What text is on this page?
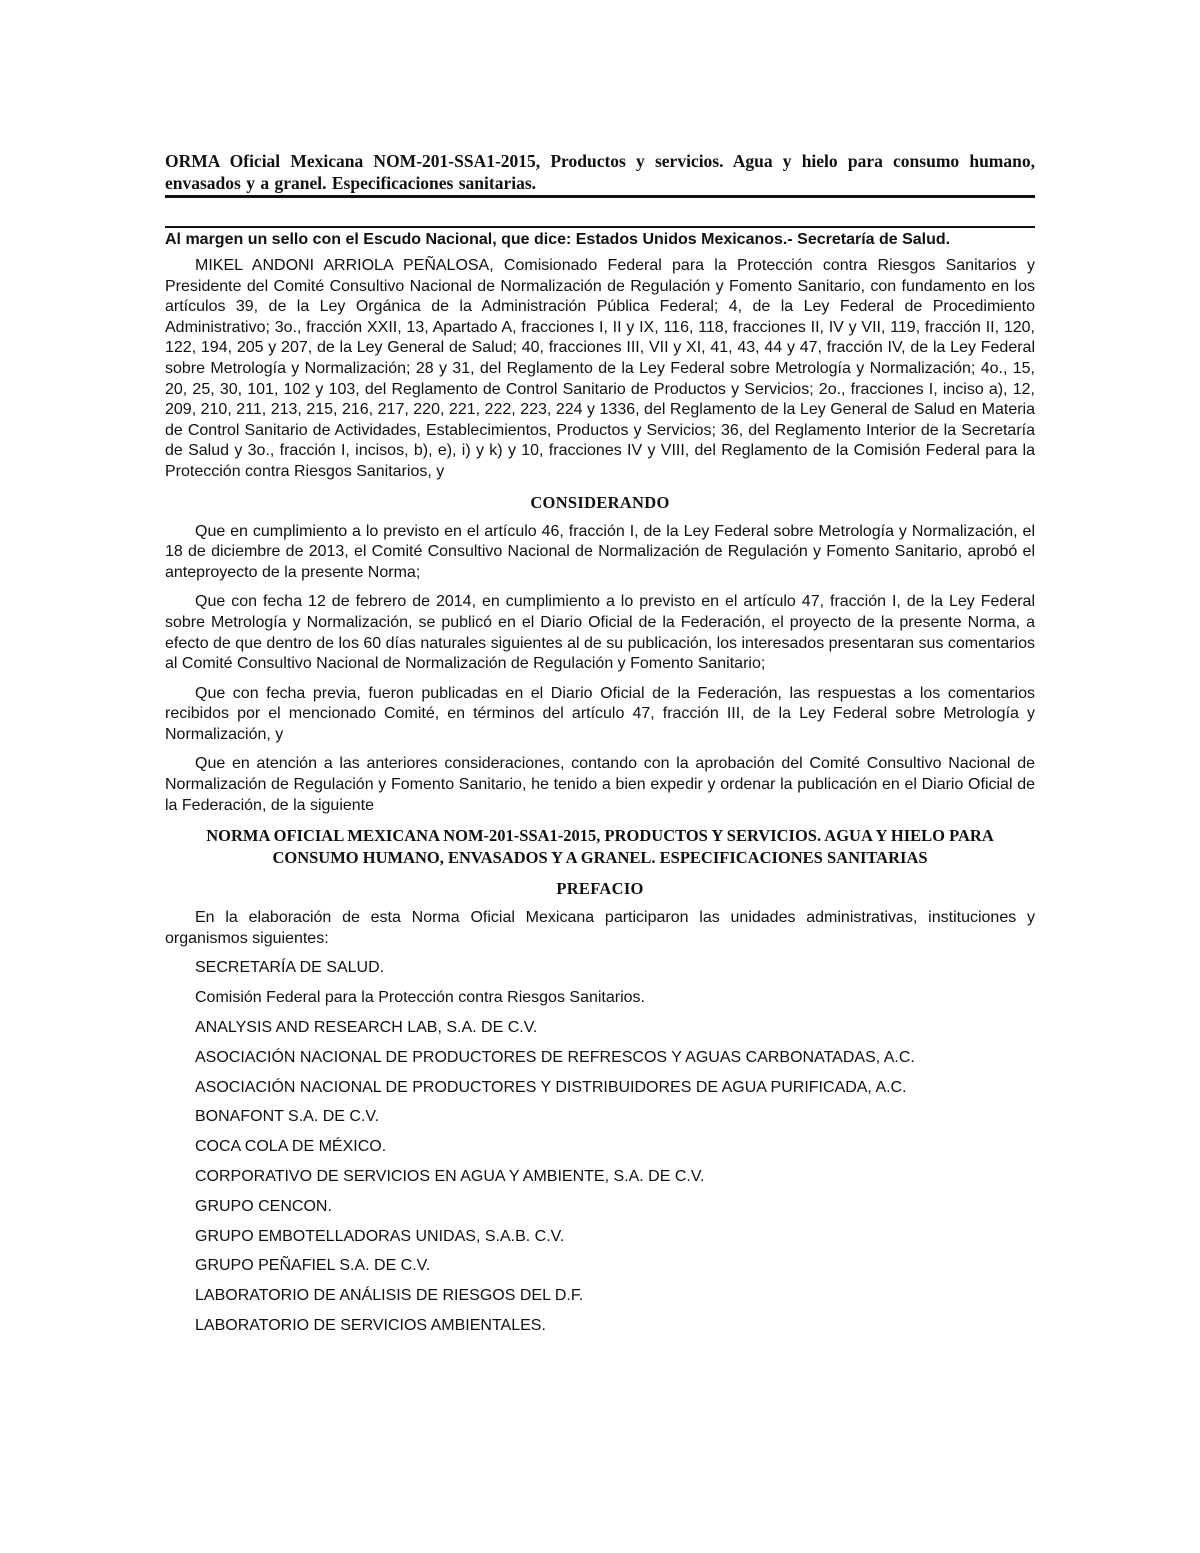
ORMA Oficial Mexicana NOM-201-SSA1-2015, Productos y servicios. Agua y hielo para consumo humano, envasados y a granel. Especificaciones sanitarias.
Al margen un sello con el Escudo Nacional, que dice: Estados Unidos Mexicanos.- Secretaría de Salud.

MIKEL ANDONI ARRIOLA PEÑALOSA, Comisionado Federal para la Protección contra Riesgos Sanitarios y Presidente del Comité Consultivo Nacional de Normalización de Regulación y Fomento Sanitario, con fundamento en los artículos 39, de la Ley Orgánica de la Administración Pública Federal; 4, de la Ley Federal de Procedimiento Administrativo; 3o., fracción XXII, 13, Apartado A, fracciones I, II y IX, 116, 118, fracciones II, IV y VII, 119, fracción II, 120, 122, 194, 205 y 207, de la Ley General de Salud; 40, fracciones III, VII y XI, 41, 43, 44 y 47, fracción IV, de la Ley Federal sobre Metrología y Normalización; 28 y 31, del Reglamento de la Ley Federal sobre Metrología y Normalización; 4o., 15, 20, 25, 30, 101, 102 y 103, del Reglamento de Control Sanitario de Productos y Servicios; 2o., fracciones I, inciso a), 12, 209, 210, 211, 213, 215, 216, 217, 220, 221, 222, 223, 224 y 1336, del Reglamento de la Ley General de Salud en Materia de Control Sanitario de Actividades, Establecimientos, Productos y Servicios; 36, del Reglamento Interior de la Secretaría de Salud y 3o., fracción I, incisos, b), e), i) y k) y 10, fracciones IV y VIII, del Reglamento de la Comisión Federal para la Protección contra Riesgos Sanitarios, y

CONSIDERANDO

Que en cumplimiento a lo previsto en el artículo 46, fracción I, de la Ley Federal sobre Metrología y Normalización, el 18 de diciembre de 2013, el Comité Consultivo Nacional de Normalización de Regulación y Fomento Sanitario, aprobó el anteproyecto de la presente Norma;

Que con fecha 12 de febrero de 2014, en cumplimiento a lo previsto en el artículo 47, fracción I, de la Ley Federal sobre Metrología y Normalización, se publicó en el Diario Oficial de la Federación, el proyecto de la presente Norma, a efecto de que dentro de los 60 días naturales siguientes al de su publicación, los interesados presentaran sus comentarios al Comité Consultivo Nacional de Normalización de Regulación y Fomento Sanitario;

Que con fecha previa, fueron publicadas en el Diario Oficial de la Federación, las respuestas a los comentarios recibidos por el mencionado Comité, en términos del artículo 47, fracción III, de la Ley Federal sobre Metrología y Normalización, y

Que en atención a las anteriores consideraciones, contando con la aprobación del Comité Consultivo Nacional de Normalización de Regulación y Fomento Sanitario, he tenido a bien expedir y ordenar la publicación en el Diario Oficial de la Federación, de la siguiente

NORMA OFICIAL MEXICANA NOM-201-SSA1-2015, PRODUCTOS Y SERVICIOS. AGUA Y HIELO PARA CONSUMO HUMANO, ENVASADOS Y A GRANEL. ESPECIFICACIONES SANITARIAS
PREFACIO

En la elaboración de esta Norma Oficial Mexicana participaron las unidades administrativas, instituciones y organismos siguientes:

SECRETARÍA DE SALUD.
Comisión Federal para la Protección contra Riesgos Sanitarios.
ANALYSIS AND RESEARCH LAB, S.A. DE C.V.
ASOCIACIÓN NACIONAL DE PRODUCTORES DE REFRESCOS Y AGUAS CARBONATADAS, A.C.
ASOCIACIÓN NACIONAL DE PRODUCTORES Y DISTRIBUIDORES DE AGUA PURIFICADA, A.C.
BONAFONT S.A. DE C.V.
COCA COLA DE MÉXICO.
CORPORATIVO DE SERVICIOS EN AGUA Y AMBIENTE, S.A. DE C.V.
GRUPO CENCON.
GRUPO EMBOTELLADORAS UNIDAS, S.A.B. C.V.
GRUPO PEÑAFIEL S.A. DE C.V.
LABORATORIO DE ANÁLISIS DE RIESGOS DEL D.F.
LABORATORIO DE SERVICIOS AMBIENTALES.
